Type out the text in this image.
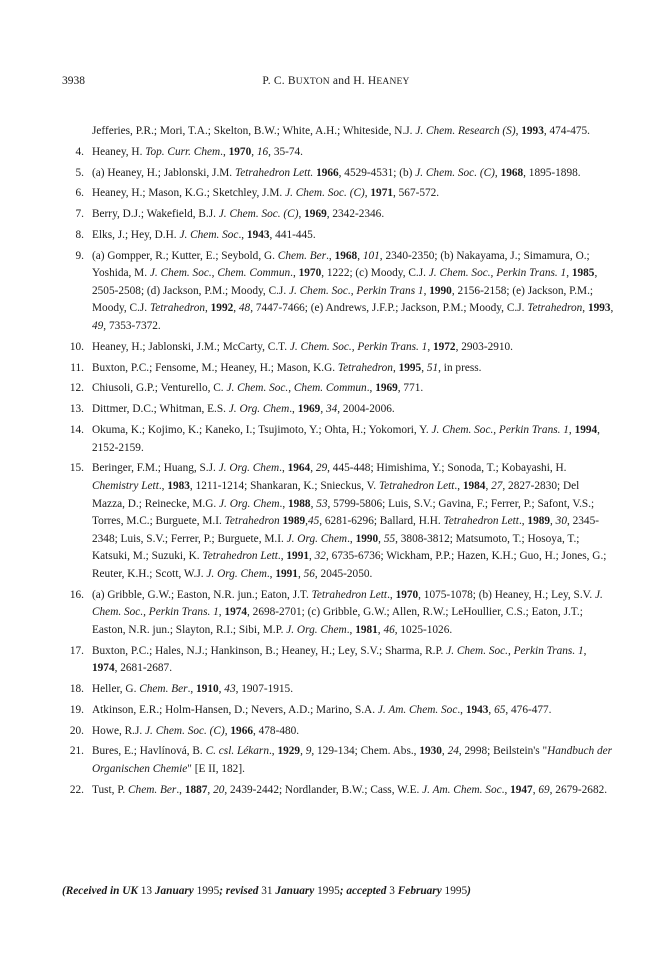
3938	P. C. BUXTON and H. HEANEY
Jefferies, P.R.; Mori, T.A.; Skelton, B.W.; White, A.H.; Whiteside, N.J. J. Chem. Research (S), 1993, 474-475.
4. Heaney, H. Top. Curr. Chem., 1970, 16, 35-74.
5. (a) Heaney, H.; Jablonski, J.M. Tetrahedron Lett. 1966, 4529-4531; (b) J. Chem. Soc. (C), 1968, 1895-1898.
6. Heaney, H.; Mason, K.G.; Sketchley, J.M. J. Chem. Soc. (C), 1971, 567-572.
7. Berry, D.J.; Wakefield, B.J. J. Chem. Soc. (C), 1969, 2342-2346.
8. Elks, J.; Hey, D.H. J. Chem. Soc., 1943, 441-445.
9. (a) Gompper, R.; Kutter, E.; Seybold, G. Chem. Ber., 1968, 101, 2340-2350; (b) Nakayama, J.; Simamura, O.; Yoshida, M. J. Chem. Soc., Chem. Commun., 1970, 1222; (c) Moody, C.J. J. Chem. Soc., Perkin Trans. 1, 1985, 2505-2508; (d) Jackson, P.M.; Moody, C.J. J. Chem. Soc., Perkin Trans 1, 1990, 2156-2158; (e) Jackson, P.M.; Moody, C.J. Tetrahedron, 1992, 48, 7447-7466; (e) Andrews, J.F.P.; Jackson, P.M.; Moody, C.J. Tetrahedron, 1993, 49, 7353-7372.
10. Heaney, H.; Jablonski, J.M.; McCarty, C.T. J. Chem. Soc., Perkin Trans. 1, 1972, 2903-2910.
11. Buxton, P.C.; Fensome, M.; Heaney, H.; Mason, K.G. Tetrahedron, 1995, 51, in press.
12. Chiusoli, G.P.; Venturello, C. J. Chem. Soc., Chem. Commun., 1969, 771.
13. Dittmer, D.C.; Whitman, E.S. J. Org. Chem., 1969, 34, 2004-2006.
14. Okuma, K.; Kojimo, K.; Kaneko, I.; Tsujimoto, Y.; Ohta, H.; Yokomori, Y. J. Chem. Soc., Perkin Trans. 1, 1994, 2152-2159.
15. Beringer, F.M.; Huang, S.J. J. Org. Chem., 1964, 29, 445-448; Himishima, Y.; Sonoda, T.; Kobayashi, H. Chemistry Lett., 1983, 1211-1214; Shankaran, K.; Snieckus, V. Tetrahedron Lett., 1984, 27, 2827-2830; Del Mazza, D.; Reinecke, M.G. J. Org. Chem., 1988, 53, 5799-5806; Luis, S.V.; Gavina, F.; Ferrer, P.; Safont, V.S.; Torres, M.C.; Burguete, M.I. Tetrahedron 1989,45, 6281-6296; Ballard, H.H. Tetrahedron Lett., 1989, 30, 2345-2348; Luis, S.V.; Ferrer, P.; Burguete, M.I. J. Org. Chem., 1990, 55, 3808-3812; Matsumoto, T.; Hosoya, T.; Katsuki, M.; Suzuki, K. Tetrahedron Lett., 1991, 32, 6735-6736; Wickham, P.P.; Hazen, K.H.; Guo, H.; Jones, G.; Reuter, K.H.; Scott, W.J. J. Org. Chem., 1991, 56, 2045-2050.
16. (a) Gribble, G.W.; Easton, N.R. jun.; Eaton, J.T. Tetrahedron Lett., 1970, 1075-1078; (b) Heaney, H.; Ley, S.V. J. Chem. Soc., Perkin Trans. 1, 1974, 2698-2701; (c) Gribble, G.W.; Allen, R.W.; LeHoullier, C.S.; Eaton, J.T.; Easton, N.R. jun.; Slayton, R.I.; Sibi, M.P. J. Org. Chem., 1981, 46, 1025-1026.
17. Buxton, P.C.; Hales, N.J.; Hankinson, B.; Heaney, H.; Ley, S.V.; Sharma, R.P. J. Chem. Soc., Perkin Trans. 1, 1974, 2681-2687.
18. Heller, G. Chem. Ber., 1910, 43, 1907-1915.
19. Atkinson, E.R.; Holm-Hansen, D.; Nevers, A.D.; Marino, S.A. J. Am. Chem. Soc., 1943, 65, 476-477.
20. Howe, R.J. J. Chem. Soc. (C), 1966, 478-480.
21. Bures, E.; Havlínová, B. C. csl. Lékarn., 1929, 9, 129-134; Chem. Abs., 1930, 24, 2998; Beilstein's "Handbuch der Organischen Chemie" [E II, 182].
22. Tust, P. Chem. Ber., 1887, 20, 2439-2442; Nordlander, B.W.; Cass, W.E. J. Am. Chem. Soc., 1947, 69, 2679-2682.
(Received in UK 13 January 1995; revised 31 January 1995; accepted 3 February 1995)
